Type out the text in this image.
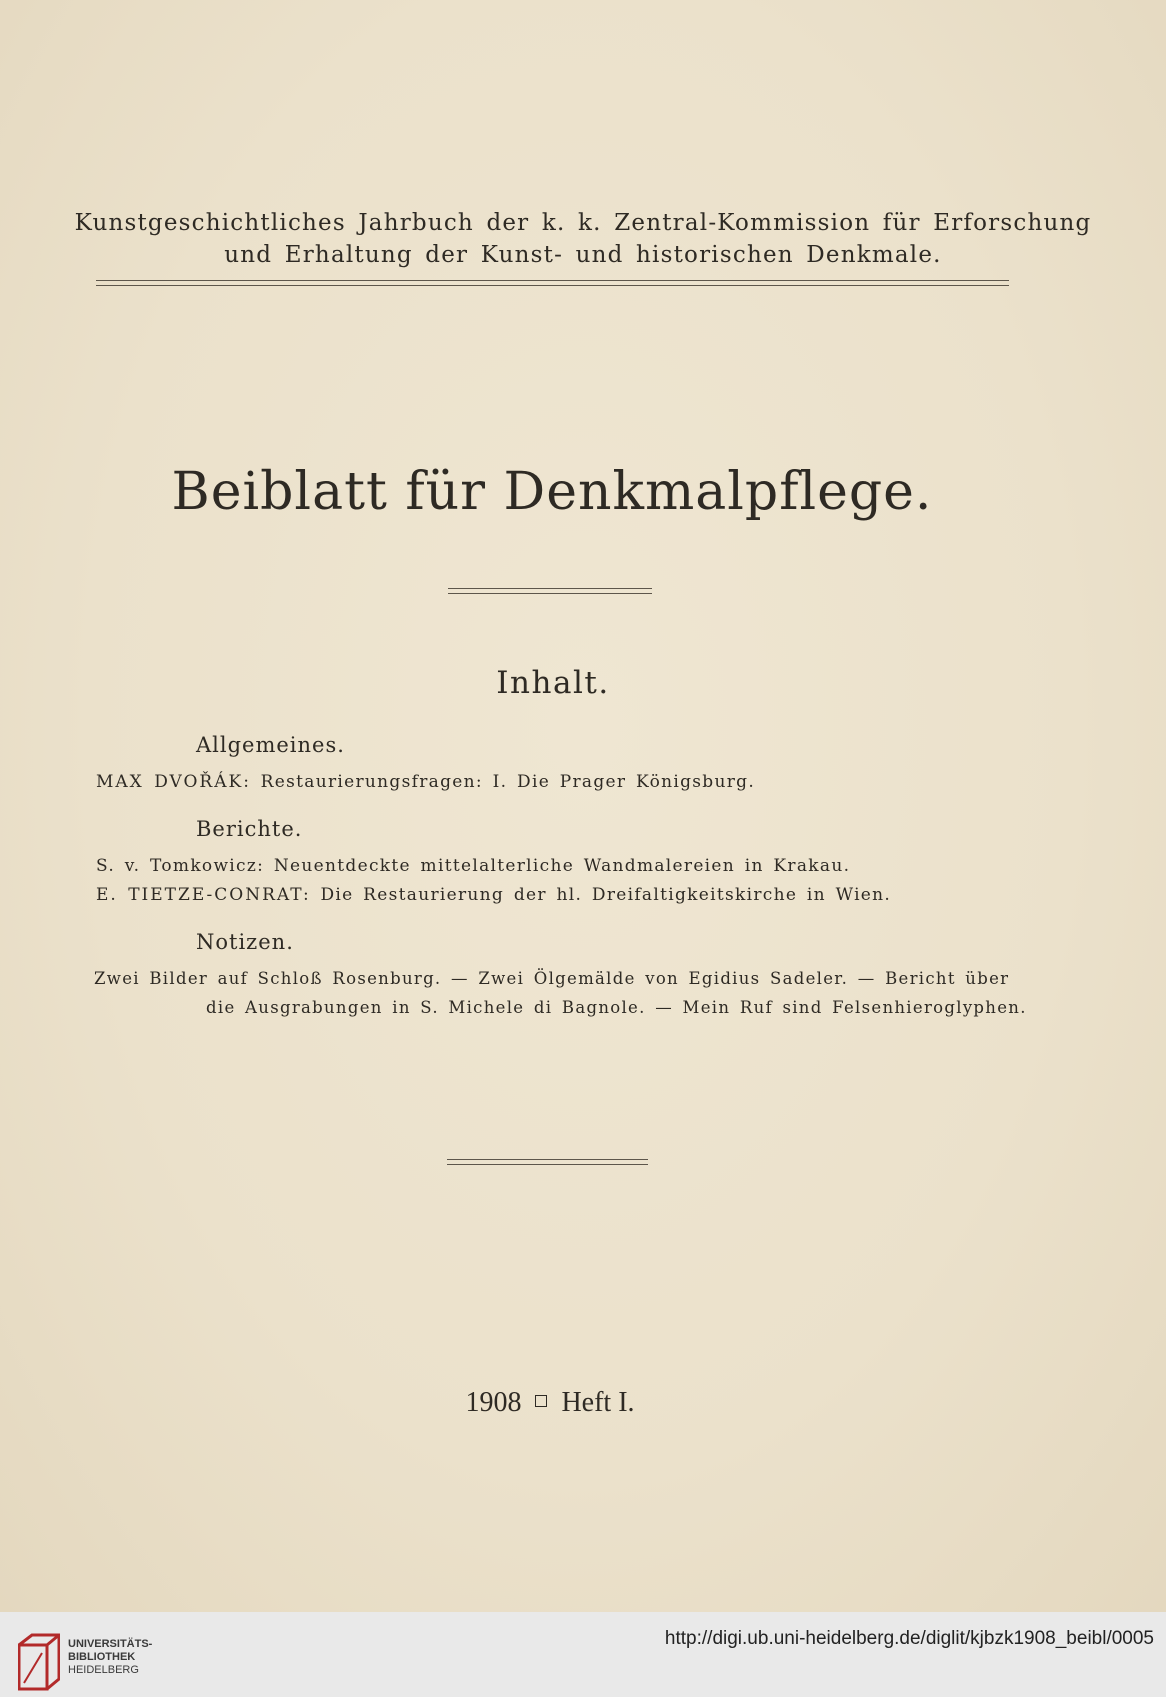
Kunstgeschichtliches Jahrbuch der k. k. Zentral-Kommission für Erforschung
und Erhaltung der Kunst- und historischen Denkmale.
Beiblatt für Denkmalpflege.
Inhalt.
Allgemeines.
MAX DVOŘÁK: Restaurierungsfragen: I. Die Prager Königsburg.
Berichte.
S. v. Tomkowicz: Neuentdeckte mittelalterliche Wandmalereien in Krakau.
E. TIETZE-CONRAT: Die Restaurierung der hl. Dreifaltigkeitskirche in Wien.
Notizen.
Zwei Bilder auf Schloß Rosenburg. — Zwei Ölgemälde von Egidius Sadeler. — Bericht über
die Ausgrabungen in S. Michele di Bagnole. — Mein Ruf sind Felsenhieroglyphen.
1908 Heft I.
UNIVERSITÄTS-
BIBLIOTHEK
HEIDELBERG
http://digi.ub.uni-heidelberg.de/diglit/kjbzk1908_beibl/0005
